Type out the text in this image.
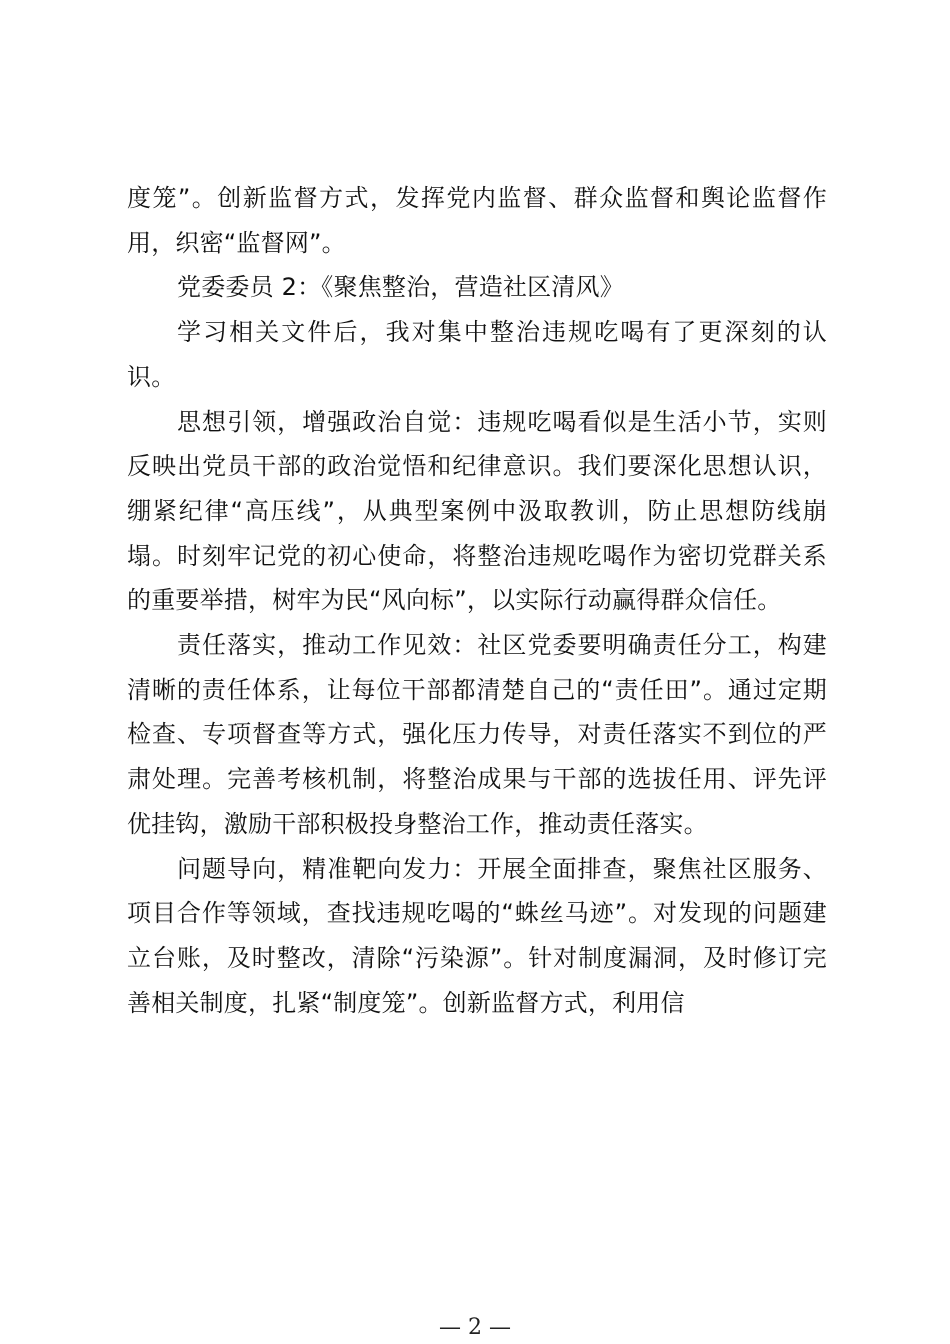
度笼”。创新监督方式，发挥党内监督、群众监督和舆论监督作用，织密“监督网”。

党委委员 2：《聚焦整治，营造社区清风》

学习相关文件后，我对集中整治违规吃喝有了更深刻的认识。

思想引领，增强政治自觉：违规吃喝看似是生活小节，实则反映出党员干部的政治觉悟和纪律意识。我们要深化思想认识，绷紧纪律“高压线”，从典型案例中汲取教训，防止思想防线崩塌。时刻牢记党的初心使命，将整治违规吃喝作为密切党群关系的重要举措，树牢为民“风向标”，以实际行动赢得群众信任。

责任落实，推动工作见效：社区党委要明确责任分工，构建清晰的责任体系，让每位干部都清楚自己的“责任田”。通过定期检查、专项督查等方式，强化压力传导，对责任落实不到位的严肃处理。完善考核机制，将整治成果与干部的选拔任用、评先评优挂钩，激励干部积极投身整治工作，推动责任落实。

问题导向，精准靶向发力：开展全面排查，聚焦社区服务、项目合作等领域，查找违规吃喝的“蛛丝马迹”。对发现的问题建立台账，及时整改，清除“污染源”。针对制度漏洞，及时修订完善相关制度，扎紧“制度笼”。创新监督方式，利用信

— 2 —
